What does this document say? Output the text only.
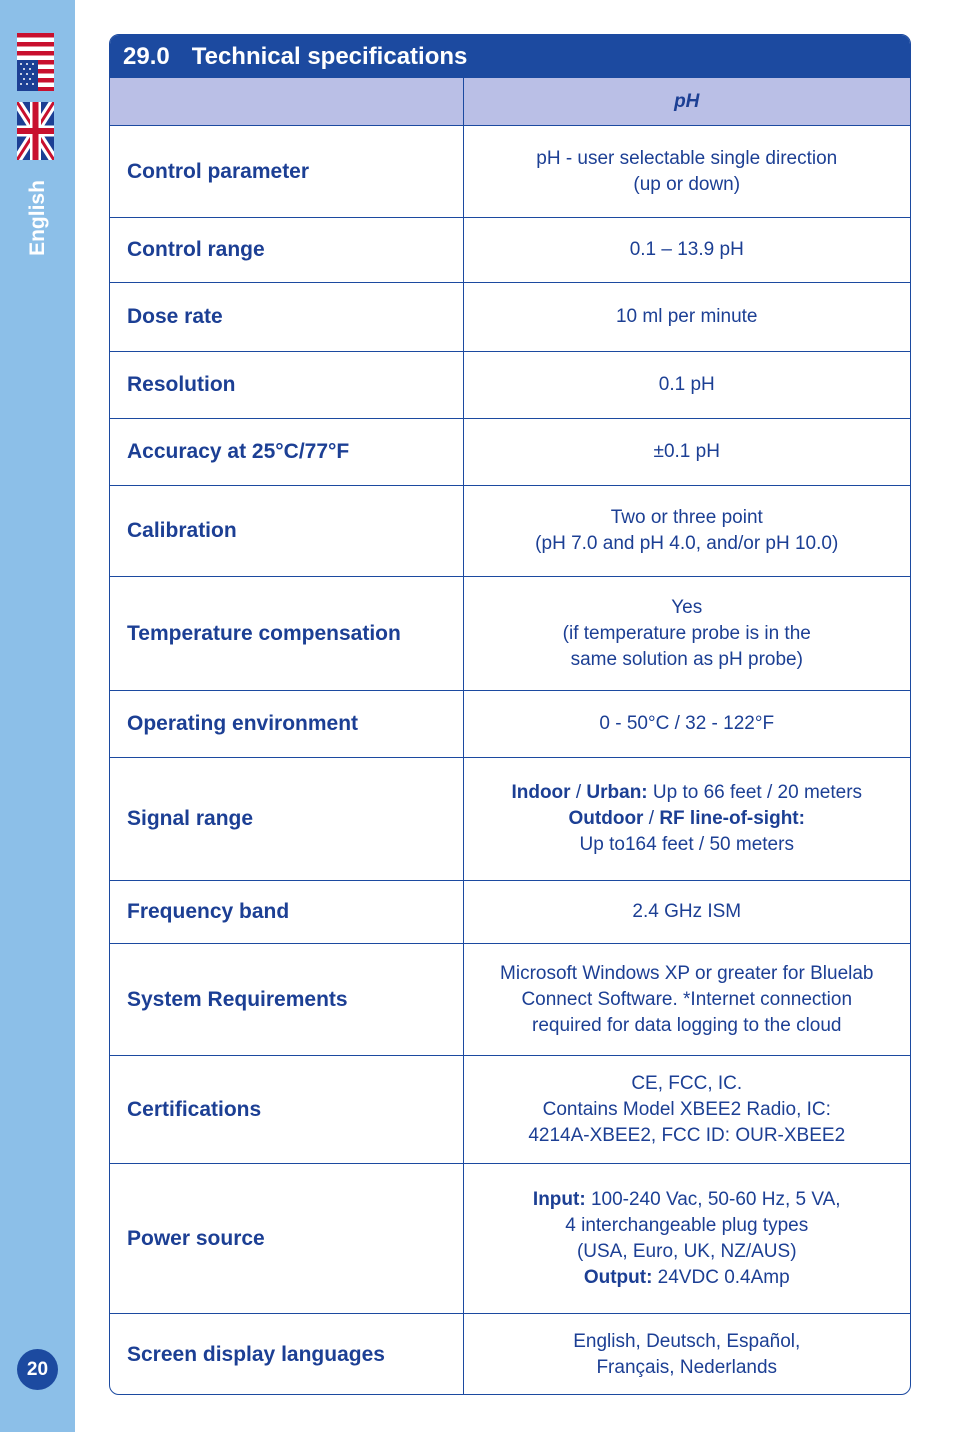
English
20
29.0 Technical specifications
	pH
Control parameter	pH - user selectable single direction
(up or down)

Control range	0.1 – 13.9 pH

Dose rate	10 ml per minute

Resolution	0.1 pH

Accuracy at 25°C/77°F	±0.1 pH

Calibration	Two or three point
(pH 7.0 and pH 4.0, and/or pH 10.0)

Temperature compensation	Yes
(if temperature probe is in the
same solution as pH probe)

Operating environment	0 - 50°C / 32 - 122°F

Signal range	Indoor / Urban: Up to 66 feet / 20 meters
Outdoor / RF line-of-sight:
Up to164 feet / 50 meters

Frequency band	2.4 GHz ISM

System Requirements	Microsoft Windows XP or greater for Bluelab
Connect Software. *Internet connection
required for data logging to the cloud

Certifications	CE, FCC, IC.
Contains Model XBEE2 Radio, IC:
4214A-XBEE2, FCC ID: OUR-XBEE2

Power source	Input: 100-240 Vac, 50-60 Hz, 5 VA,
4 interchangeable plug types
(USA, Euro, UK, NZ/AUS)
Output: 24VDC 0.4Amp

Screen display languages	English, Deutsch, Español,
Français, Nederlands
